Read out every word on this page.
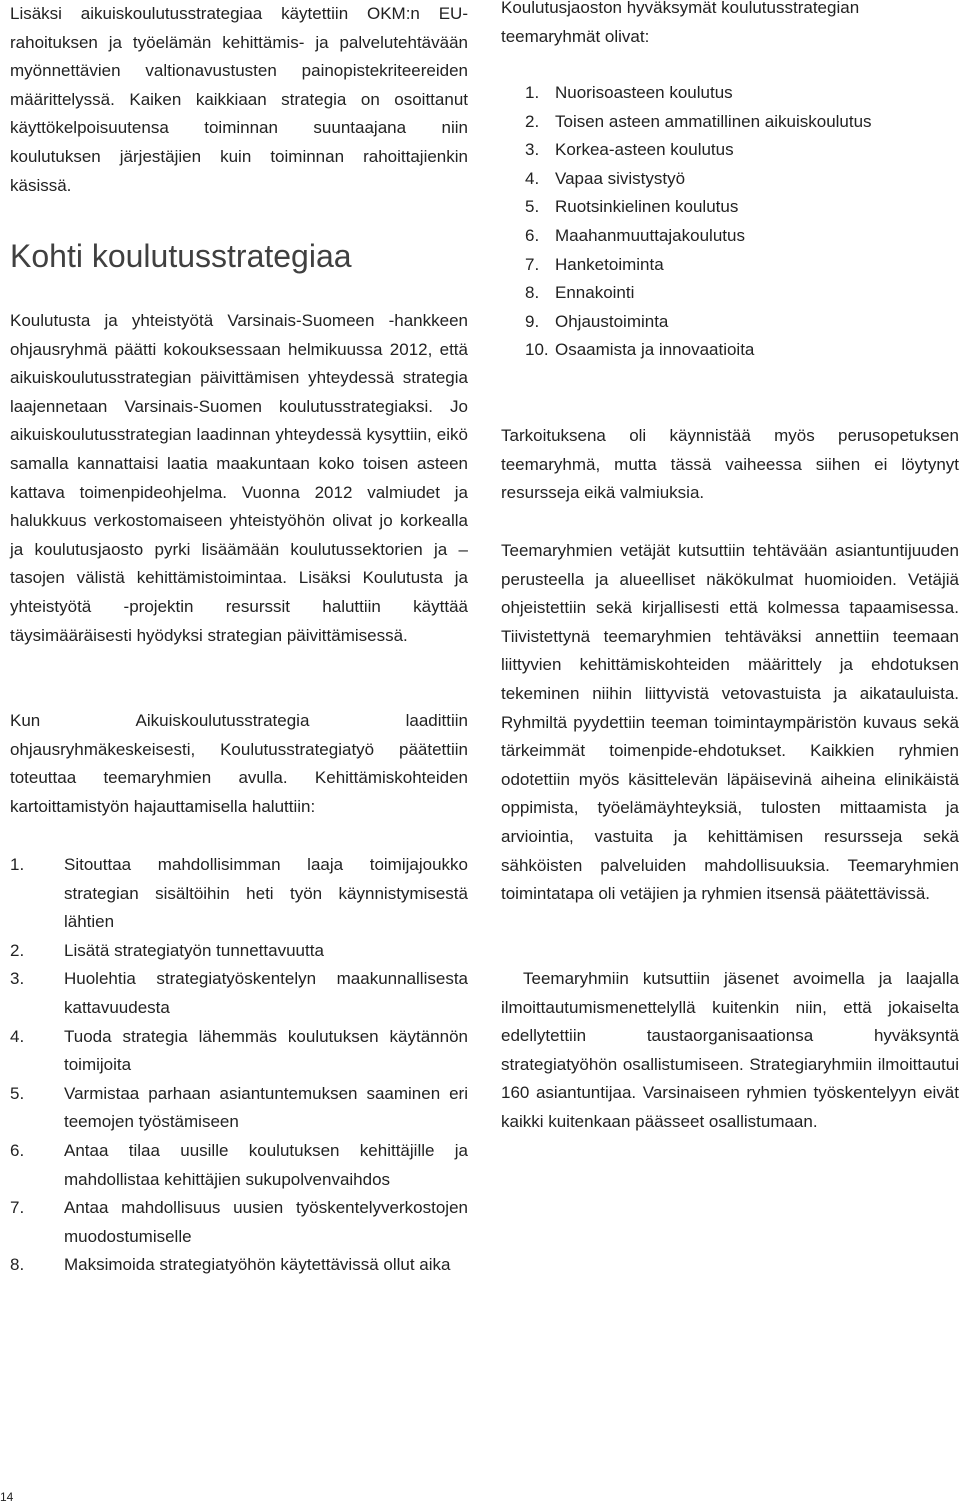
Lisäksi aikuiskoulutusstrategiaa käytettiin OKM:n EU-rahoituksen ja työelämän kehittämis- ja palvelutehtävään myönnettävien valtionavustusten painopistekriteereiden määrittelyssä. Kaiken kaikkiaan strategia on osoittanut käyttökelpoisuutensa toiminnan suuntaajana niin koulutuksen järjestäjien kuin toiminnan rahoittajienkin käsissä.

Koulutusta ja yhteistyötä Varsinais-Suomeen -hankkeen ohjausryhmä päätti kokouksessaan helmikuussa 2012, että aikuiskoulutusstrategian päivittämisen yhteydessä strategia laajennetaan Varsinais-Suomen koulutusstrategiaksi. Jo aikuiskoulutusstrategian laadinnan yhteydessä kysyttiin, eikö samalla kannattaisi laatia maakuntaan koko toisen asteen kattava toimenpideohjelma. Vuonna 2012 valmiudet ja halukkuus verkostomaiseen yhteistyöhön olivat jo korkealla ja koulutusjaosto pyrki lisäämään koulutussektorien ja –tasojen välistä kehittämistoimintaa. Lisäksi Koulutusta ja yhteistyötä -projektin resurssit haluttiin käyttää täysimääräisesti hyödyksi strategian päivittämisessä.

Kun Aikuiskoulutusstrategia laadittiin ohjausryhmäkeskeisesti, Koulutusstrategiatyö päätettiin toteuttaa teemaryhmien avulla. Kehittämiskohteiden kartoittamistyön hajauttamisella haluttiin:

1.	Sitouttaa mahdollisimman laaja toimijajoukko strategian sisältöihin heti työn käynnistymisestä lähtien
2.	Lisätä strategiatyön tunnettavuutta
3.	Huolehtia strategiatyöskentelyn maakunnallisesta kattavuudesta
4.	Tuoda strategia lähemmäs koulutuksen käytännön toimijoita
5.	Varmistaa parhaan asiantuntemuksen saaminen eri teemojen työstämiseen
6.	Antaa tilaa uusille koulutuksen kehittäjille ja mahdollistaa kehittäjien sukupolvenvaihdos
7.	Antaa mahdollisuus uusien työskentelyverkostojen muodostumiselle
8.	Maksimoida strategiatyöhön käytettävissä ollut aika
Kohti koulutusstrategiaa

Koulutusjaoston hyväksymät koulutusstrategian teemaryhmät olivat:

1. Nuorisoasteen koulutus
2. Toisen asteen ammatillinen aikuiskoulutus
3. Korkea-asteen koulutus
4. Vapaa sivistystyö
5. Ruotsinkielinen koulutus
6. Maahanmuuttajakoulutus
7. Hanketoiminta
8. Ennakointi
9. Ohjaustoiminta
10. Osaamista ja innovaatioita

Tarkoituksena oli käynnistää myös perusopetuksen teemaryhmä, mutta tässä vaiheessa siihen ei löytynyt resursseja eikä valmiuksia.

Teemaryhmien vetäjät kutsuttiin tehtävään asiantuntijuuden perusteella ja alueelliset näkökulmat huomioiden. Vetäjiä ohjeistettiin sekä kirjallisesti että kolmessa tapaamisessa. Tiivistettynä teemaryhmien tehtäväksi annettiin teemaan liittyvien kehittämiskohteiden määrittely ja ehdotuksen tekeminen niihin liittyvistä vetovastuista ja aikatauluista. Ryhmiltä pyydettiin teeman toimintaympäristön kuvaus sekä tärkeimmät toimenpide-ehdotukset. Kaikkien ryhmien odotettiin myös käsittelevän läpäisevinä aiheina elinikäistä oppimista, työelämäyhteyksiä, tulosten mittaamista ja arviointia, vastuita ja kehittämisen resursseja sekä sähköisten palveluiden mahdollisuuksia. Teemaryhmien toimintatapa oli vetäjien ja ryhmien itsensä päätettävissä.

Teemaryhmiin kutsuttiin jäsenet avoimella ja laajalla ilmoittautumismenettelyllä kuitenkin niin, että jokaiselta edellytettiin taustaorganisaationsa hyväksyntä strategiatyöhön osallistumiseen. Strategiaryhmiin ilmoittautui 160 asiantuntijaa. Varsinaiseen ryhmien työskentelyyn eivät kaikki kuitenkaan päässeet osallistumaan.

14
